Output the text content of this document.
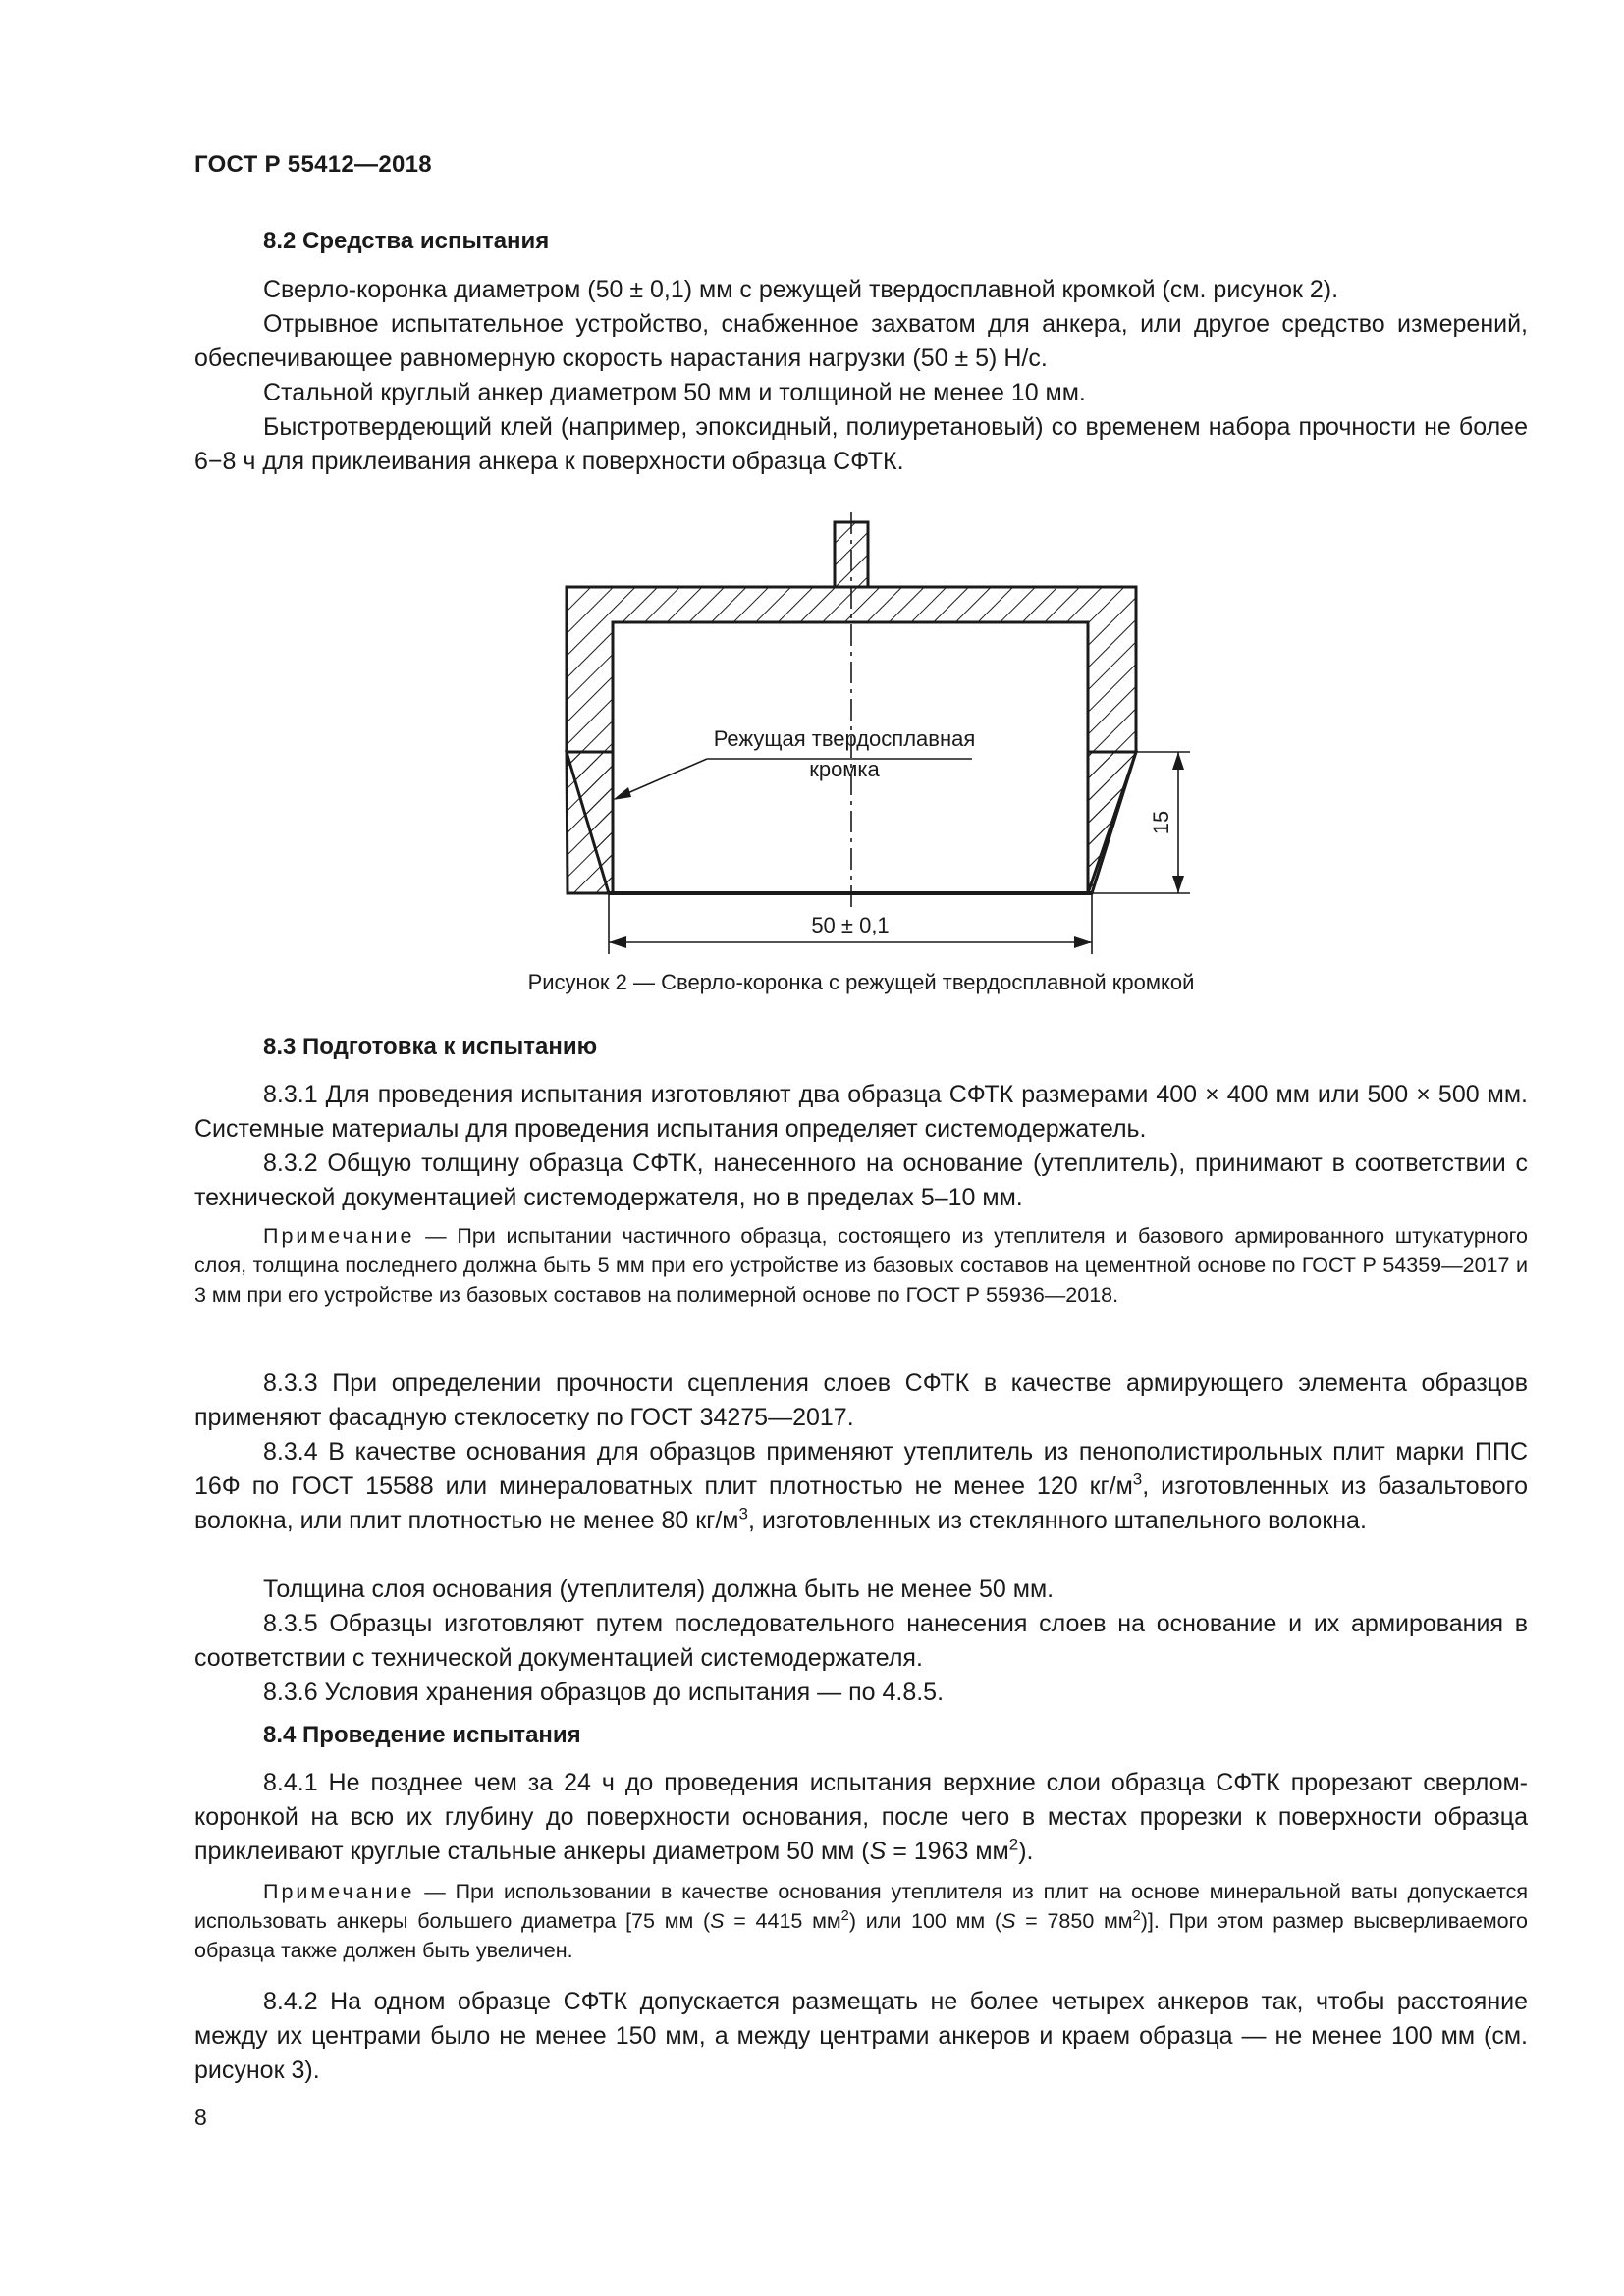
ГОСТ Р 55412—2018
8.2 Средства испытания

Сверло-коронка диаметром (50 ± 0,1) мм с режущей твердосплавной кромкой (см. рисунок 2).

Отрывное испытательное устройство, снабженное захватом для анкера, или другое средство измерений, обеспечивающее равномерную скорость нарастания нагрузки (50 ± 5) Н/с.

Стальной круглый анкер диаметром 50 мм и толщиной не менее 10 мм.

Быстротвердеющий клей (например, эпоксидный, полиуретановый) со временем набора прочности не более 6−8 ч для приклеивания анкера к поверхности образца СФТК.

Рисунок 2 — Сверло-коронка с режущей твердосплавной кромкой
8.3 Подготовка к испытанию

8.3.1 Для проведения испытания изготовляют два образца СФТК размерами 400 × 400 мм или 500 × 500 мм. Системные материалы для проведения испытания определяет системодержатель.

8.3.2 Общую толщину образца СФТК, нанесенного на основание (утеплитель), принимают в соответствии с технической документацией системодержателя, но в пределах 5–10 мм.

Примечание — При испытании частичного образца, состоящего из утеплителя и базового армированного штукатурного слоя, толщина последнего должна быть 5 мм при его устройстве из базовых составов на цементной основе по ГОСТ Р 54359—2017 и 3 мм при его устройстве из базовых составов на полимерной основе по ГОСТ Р 55936—2018.

8.3.3 При определении прочности сцепления слоев СФТК в качестве армирующего элемента образцов применяют фасадную стеклосетку по ГОСТ 34275—2017.

8.3.4 В качестве основания для образцов применяют утеплитель из пенополистирольных плит марки ППС 16Ф по ГОСТ 15588 или минераловатных плит плотностью не менее 120 $кг/м^3$, изготовленных из базальтового волокна, или плит плотностью не менее 80 $кг/м^3$, изготовленных из стеклянного штапельного волокна.

Толщина слоя основания (утеплителя) должна быть не менее 50 мм.

8.3.5 Образцы изготовляют путем последовательного нанесения слоев на основание и их армирования в соответствии с технической документацией системодержателя.

8.3.6 Условия хранения образцов до испытания — по 4.8.5.

8.4 Проведение испытания

8.4.1 Не позднее чем за 24 ч до проведения испытания верхние слои образца СФТК прорезают сверлом-коронкой на всю их глубину до поверхности основания, после чего в местах прорезки к поверхности образца приклеивают круглые стальные анкеры диаметром 50 мм (S = 1963 $мм^2$).

Примечание — При использовании в качестве основания утеплителя из плит на основе минеральной ваты допускается использовать анкеры большего диаметра [75 мм (S = 4415 $мм^2$) или 100 мм (S = 7850 $мм^2$)]. При этом размер высверливаемого образца также должен быть увеличен.

8.4.2 На одном образце СФТК допускается размещать не более четырех анкеров так, чтобы расстояние между их центрами было не менее 150 мм, а между центрами анкеров и краем образца — не менее 100 мм (см. рисунок 3).

Режущая твердосплавная
кромка
15
50 ± 0,1
8
